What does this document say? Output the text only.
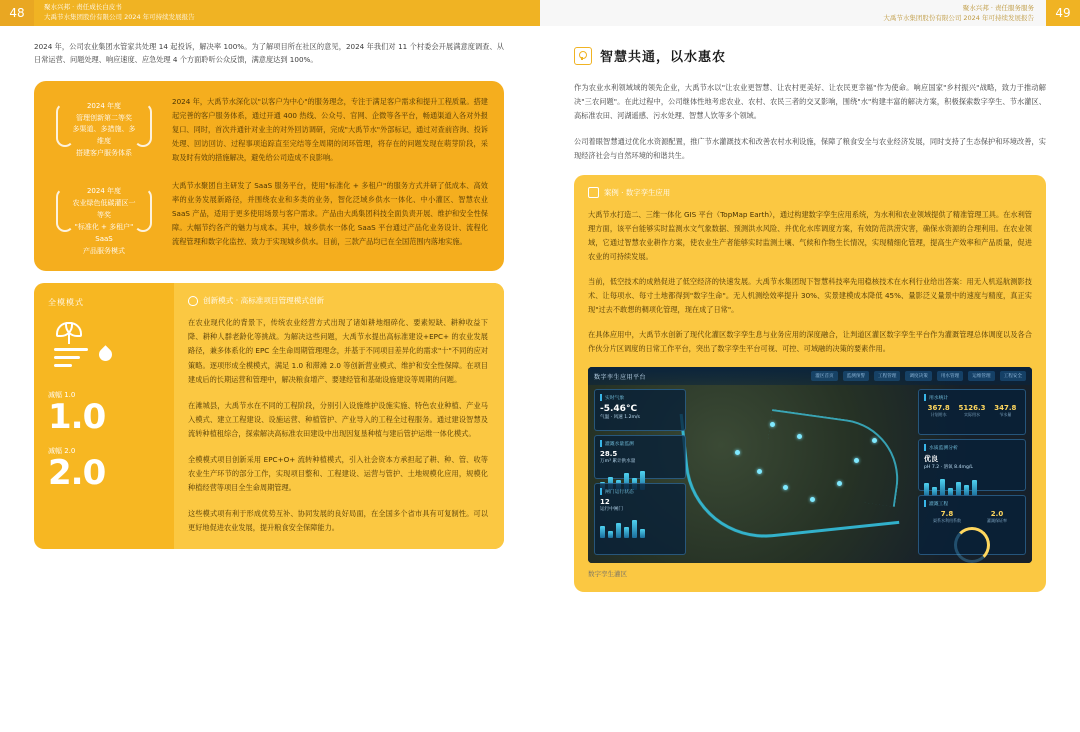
48	聚水兴邦 · 责任成长白皮书
大禹节水集团股份有限公司 2024 年可持续发展报告
2024 年，公司农业集团水管家共处理 14 起投诉，解决率 100%。为了解项目所在社区的意见，2024 年我们对 11 个村委会开展满意度调查、从日常运营、问题处理、响应速度、应急处理 4 个方面聆听公众反馈，满意度达到 100%。
2024 年度
管理创新第二等奖
多渠道、多措施、多维度
搭建客户服务体系
2024 年度
农业绿色低碳灌区一等奖
"标准化 + 多租户" SaaS
产品服务模式

2024 年，大禹节水深化以"以客户为中心"的服务理念，专注于满足客户需求和提升工程质量。搭建起完善的客户服务体系，通过开通 400 热线、公众号、官网、企微等各平台，畅通渠道入各对外报复口、同时，首次并通针对业主的对外回访调研，完成"大禹节水"外部标记，通过对查前咨询、投诉处理、回访回访、过程事项追踪直至完结等全周期的闭环管理，将存在的问题发现在萌芽阶段，采取及时有效的措施解决，避免给公司造成不良影响。

大禹节水聚团自主研发了 SaaS 服务平台，使用"标准化 + 多租户"的服务方式并研了低成本、高效率的业务发展新路径，并围绕农业和多类的业务，智化泛域乡供水一体化、中小灌区、智慧农业 SaaS 产品，适用于更多使用场景与客户需求。产品由大禹集团科技全面负责开展、维护和安全性保障。大幅节约各产的魅力与成本。其中，城乡供水一体化 SaaS 平台通过产品化业务设计、流程化流程管理和数字化监控、致力于实现城乡供水。目前，三款产品均已在全国范围内落地实施。

全模模式
减幅 1.0
1.0
减幅 2.0
2.0
创新模式 · 高标准项目管理模式创新

在农业现代化的背景下，传统农业经营方式出现了诸如耕地细碎化、要素短缺、耕种收益下降、耕种人群老龄化等挑战。为解决这些问题，大禹节水提出高标准建设+EPC+ 的农业发展路径，兼多体系化的 EPC 全生命周期管理理念，并基于不同项目差异化的需求"十"不同的应对策略。逐项形成全模模式，满足 1.0 和滞滩 2.0 等创新营业模式、维护和安全性保障。在项目建成后的长期运营和管理中，解决粮食增产、要建经管和基础设施建设等周期的问题。

在滩城县，大禹节水在不同的工程阶段，分别引入设施维护设施实施、特色农业种植、产业马入模式、建立工程建设、设施运营、种植管护、产业导入的工程全过程服务。通过建设智慧及流转种植租综合，探索解决高标准农田建设中出现因复垦种植与建后管护运维一体化模式。

全模模式项目创新采用 EPC+O+ 流转种植模式，引入社会资本方承担起了耕、种、管、收等农业生产环节的部分工作，实现项目整和、工程建设、运营与管护、土地规模化应用，规模化种植经营等项目全生命周期管理。

这些模式项有利于形成优势互补、协同发展的良好局面，在全国多个省市具有可复制性。可以更好地促进农业发展，提升粮食安全保障能力。

聚水兴邦 · 责任服务服务
大禹节水集团股份有限公司 2024 年可持续发展报告	49
智慧共通，以水惠农

作为农业水利领域域的领先企业，大禹节水以"让农业更智慧、让农村更美好、让农民更幸福"作为使命。响应国家"乡村振兴"战略，致力于推动解决"三农问题"。在此过程中，公司继体性地考虑农业、农村、农民三者的交叉影响，围绕"水"构建丰富的解决方案，积极探索数字孪生、节水灌区、高标准农田、河湖遥感、污水处理、智慧人饮等多个领域。

公司着眼智慧通过优化水资源配置，推广节水灌溉技术和改善农村水利设施，保障了粮食安全与农业经济发展，同时支持了生态保护和环境改善，实现经济社会与自然环境的和谐共生。

案例 · 数字孪生应用

大禹节水打造二、三维一体化 GIS 平台（TopMap Earth），通过构建数字孪生应用系统，为水利和农业领域提供了精准管理工具。在水利管理方面，该平台能够实时监测水文气象数据、预测洪水风险、并优化水库调度方案，有效防范洪涝灾害，确保水资源的合理利用。在农业领域，它通过智慧农业耕作方案，使农业生产者能够实时监测土壤、气候和作物生长情况，实现精细化管理，提高生产效率和产品质量，促进农业的可持续发展。

当前，低空技术的成熟促进了低空经济的快速发展。大禹节水集团现下智慧科技率先用稳核技术在水利行业给出答案：用无人机巡航测影技术、让每项水、每寸土地都得到"数字生命"。无人机测绘效率提升 30%、实景建模成本降低 45%、量影泛义量景中的速度与精度，真正实现"过去不敢想的稠项化管理，现在成了日常"。

在具体应用中，大禹节水创新了现代化灌区数字孪生息与业务应用的深度融合，让判道区灌区数字孪生平台作为灌溉管理总体调度以及各合作伙分片区调度的日常工作平台，突出了数字孪生平台可视、可控、可域融的决策的要素作用。

数字孪生应用平台	灌区首页	监测预警	工程管理	调度决策	用水管理	运维管理	工程安全
实时气象
-5.46°C
气温 · 风速 1.2m/s
灌溉水量监测
28.5
万m³ 累计供水量
闸门运行状态
12
运行中闸门
用水统计
367.8
计划用水
5126.3
实际用水
347.8
节水量
水质监测分析
优良
pH 7.2 · 溶氧 8.4mg/L
灌溉工程
7.8
渠系水利用系数
2.0
灌溉保证率
数字孪生灌区
